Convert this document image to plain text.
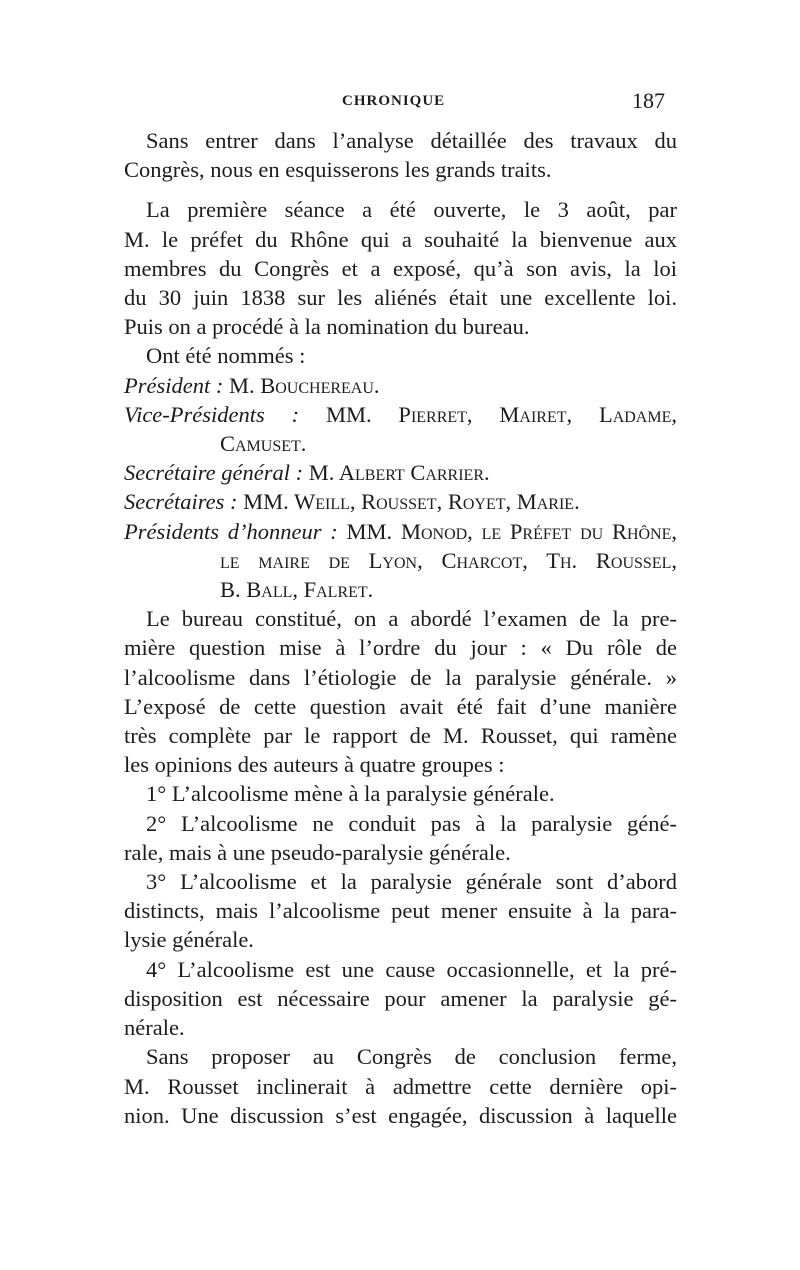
CHRONIQUE	187
Sans entrer dans l’analyse détaillée des travaux du
Congrès, nous en esquisserons les grands traits.
La première séance a été ouverte, le 3 août, par
M. le préfet du Rhône qui a souhaité la bienvenue aux
membres du Congrès et a exposé, qu’à son avis, la loi
du 30 juin 1838 sur les aliénés était une excellente loi.
Puis on a procédé à la nomination du bureau.
Ont été nommés :
Président : M. Bouchereau.
Vice-Présidents : MM. Pierret, Mairet, Ladame,
Camuset.
Secrétaire général : M. Albert Carrier.
Secrétaires : MM. Weill, Rousset, Royet, Marie.
Présidents d’honneur : MM. Monod, le Préfet du Rhône,
le maire de Lyon, Charcot, Th. Roussel,
B. Ball, Falret.
Le bureau constitué, on a abordé l’examen de la pre-
mière question mise à l’ordre du jour : « Du rôle de
l’alcoolisme dans l’étiologie de la paralysie générale. »
L’exposé de cette question avait été fait d’une manière
très complète par le rapport de M. Rousset, qui ramène
les opinions des auteurs à quatre groupes :
1° L’alcoolisme mène à la paralysie générale.
2° L’alcoolisme ne conduit pas à la paralysie géné-
rale, mais à une pseudo-paralysie générale.
3° L’alcoolisme et la paralysie générale sont d’abord
distincts, mais l’alcoolisme peut mener ensuite à la para-
lysie générale.
4° L’alcoolisme est une cause occasionnelle, et la pré-
disposition est nécessaire pour amener la paralysie gé-
nérale.
Sans proposer au Congrès de conclusion ferme,
M. Rousset inclinerait à admettre cette dernière opi-
nion. Une discussion s’est engagée, discussion à laquelle
